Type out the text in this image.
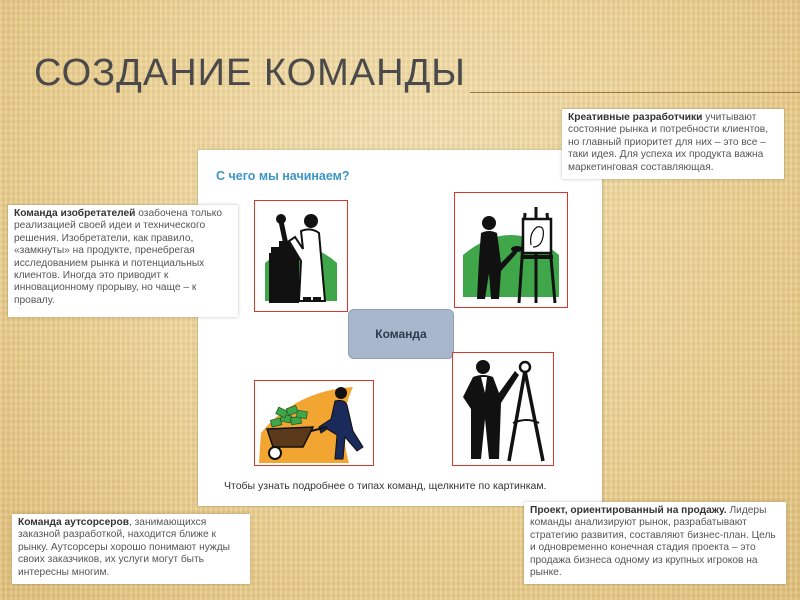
СОЗДАНИЕ КОМАНДЫ
С чего мы начинаем?
Команда
Чтобы узнать подробнее о типах команд, щелкните по картинкам.
Команда изобретателей озабочена только реализацией своей идеи и технического решения. Изобретатели, как правило, «замкнуты» на продукте, пренебрегая исследованием рынка и потенциальных клиентов. Иногда это приводит к инновационному прорыву, но чаще – к провалу.
Креативные разработчики учитывают состояние рынка и потребности клиентов, но главный приоритет для них – это все – таки идея. Для успеха их продукта важна маркетинговая составляющая.
Команда аутсорсеров, занимающихся заказной разработкой, находится ближе к рынку. Аутсорсеры хорошо понимают нужды своих заказчиков, их услуги могут быть интересны многим.
Проект, ориентированный на продажу. Лидеры команды анализируют рынок, разрабатывают стратегию развития, составляют бизнес-план. Цель и одновременно конечная стадия проекта – это продажа бизнеса одному из крупных игроков на рынке.
